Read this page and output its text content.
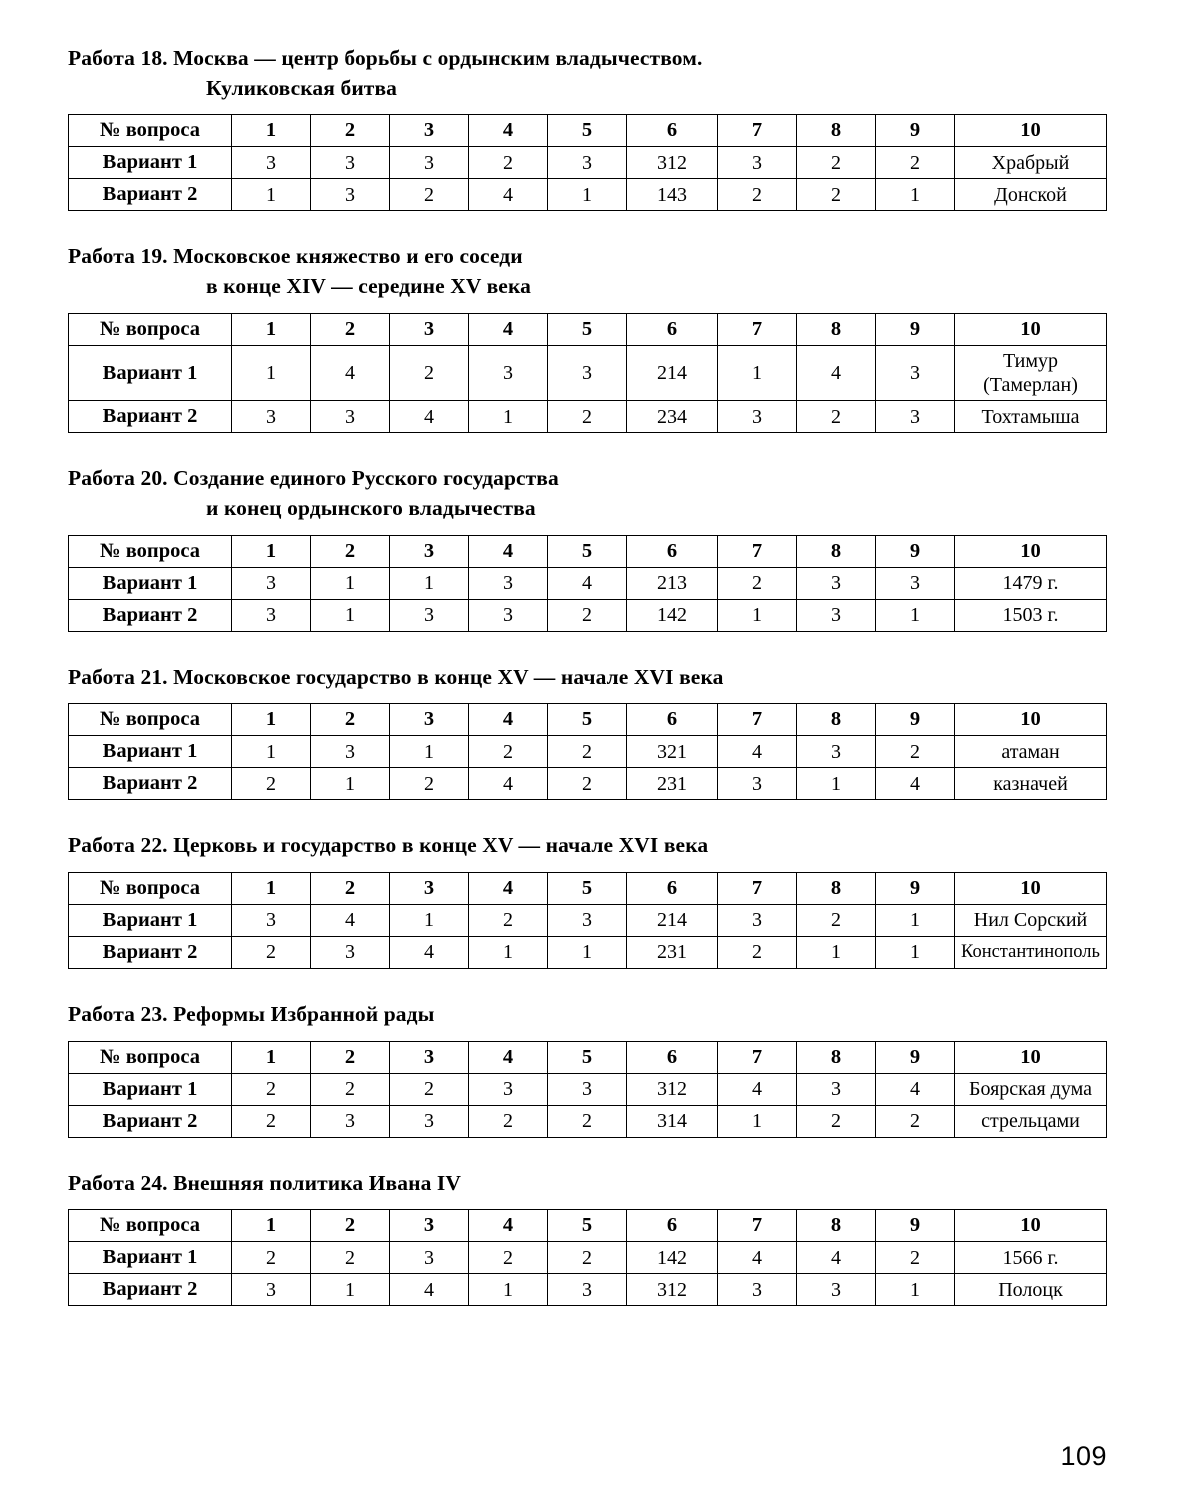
Работа 18. Москва — центр борьбы с ордынским владычеством.
Куликовская битва
№ вопроса	1	2	3	4	5	6	7	8	9	10
Вариант 1	3	3	3	2	3	312	3	2	2	Храбрый
Вариант 2	1	3	2	4	1	143	2	2	1	Донской
Работа 19. Московское княжество и его соседи
в конце XIV — середине XV века
№ вопроса	1	2	3	4	5	6	7	8	9	10
Вариант 1	1	4	2	3	3	214	1	4	3	Тимур (Тамерлан)
Вариант 2	3	3	4	1	2	234	3	2	3	Тохтамыша
Работа 20. Создание единого Русского государства
и конец ордынского владычества
№ вопроса	1	2	3	4	5	6	7	8	9	10
Вариант 1	3	1	1	3	4	213	2	3	3	1479 г.
Вариант 2	3	1	3	3	2	142	1	3	1	1503 г.
Работа 21. Московское государство в конце XV — начале XVI века
№ вопроса	1	2	3	4	5	6	7	8	9	10
Вариант 1	1	3	1	2	2	321	4	3	2	атаман
Вариант 2	2	1	2	4	2	231	3	1	4	казначей
Работа 22. Церковь и государство в конце XV — начале XVI века
№ вопроса	1	2	3	4	5	6	7	8	9	10
Вариант 1	3	4	1	2	3	214	3	2	1	Нил Сорский
Вариант 2	2	3	4	1	1	231	2	1	1	Константинополь
Работа 23. Реформы Избранной рады
№ вопроса	1	2	3	4	5	6	7	8	9	10
Вариант 1	2	2	2	3	3	312	4	3	4	Боярская дума
Вариант 2	2	3	3	2	2	314	1	2	2	стрельцами
Работа 24. Внешняя политика Ивана IV
№ вопроса	1	2	3	4	5	6	7	8	9	10
Вариант 1	2	2	3	2	2	142	4	4	2	1566 г.
Вариант 2	3	1	4	1	3	312	3	3	1	Полоцк
109
